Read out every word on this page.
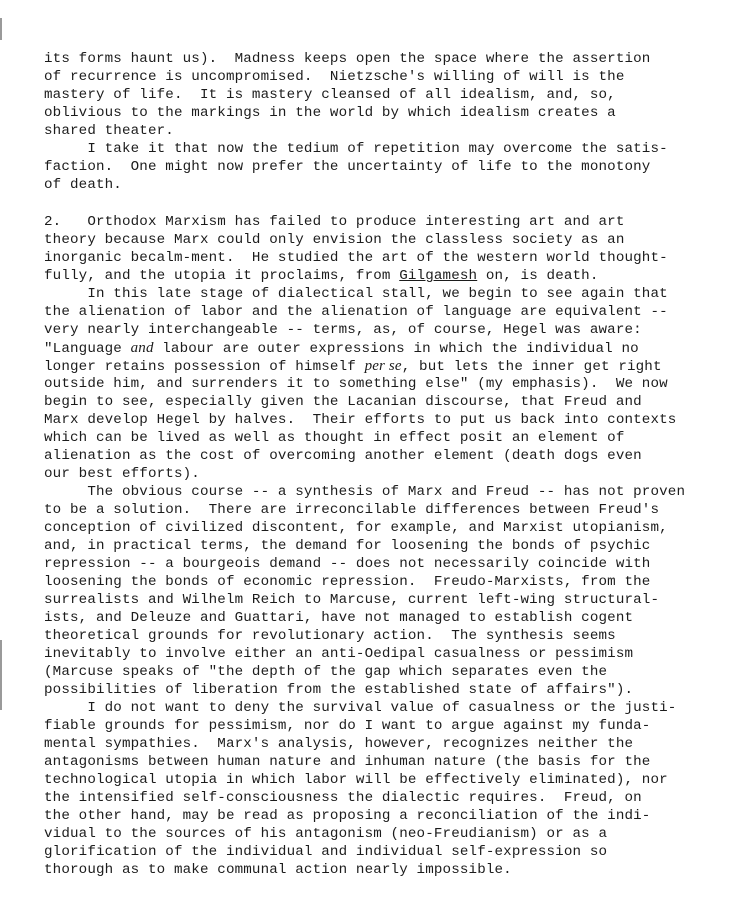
its forms haunt us).  Madness keeps open the space where the assertion
of recurrence is uncompromised.  Nietzsche's willing of will is the
mastery of life.  It is mastery cleansed of all idealism, and, so,
oblivious to the markings in the world by which idealism creates a
shared theater.
I take it that now the tedium of repetition may overcome the satis-
faction.  One might now prefer the uncertainty of life to the monotony
of death.
2.   Orthodox Marxism has failed to produce interesting art and art
theory because Marx could only envision the classless society as an
inorganic becalm-ment.  He studied the art of the western world thought-
fully, and the utopia it proclaims, from Gilgamesh on, is death.
In this late stage of dialectical stall, we begin to see again that
the alienation of labor and the alienation of language are equivalent --
very nearly interchangeable -- terms, as, of course, Hegel was aware:
"Language and labour are outer expressions in which the individual no
longer retains possession of himself per se, but lets the inner get right
outside him, and surrenders it to something else" (my emphasis).  We now
begin to see, especially given the Lacanian discourse, that Freud and
Marx develop Hegel by halves.  Their efforts to put us back into contexts
which can be lived as well as thought in effect posit an element of
alienation as the cost of overcoming another element (death dogs even
our best efforts).
The obvious course -- a synthesis of Marx and Freud -- has not proven
to be a solution.  There are irreconcilable differences between Freud's
conception of civilized discontent, for example, and Marxist utopianism,
and, in practical terms, the demand for loosening the bonds of psychic
repression -- a bourgeois demand -- does not necessarily coincide with
loosening the bonds of economic repression.  Freudo-Marxists, from the
surrealists and Wilhelm Reich to Marcuse, current left-wing structural-
ists, and Deleuze and Guattari, have not managed to establish cogent
theoretical grounds for revolutionary action.  The synthesis seems
inevitably to involve either an anti-Oedipal casualness or pessimism
(Marcuse speaks of "the depth of the gap which separates even the
possibilities of liberation from the established state of affairs").
I do not want to deny the survival value of casualness or the justi-
fiable grounds for pessimism, nor do I want to argue against my funda-
mental sympathies.  Marx's analysis, however, recognizes neither the
antagonisms between human nature and inhuman nature (the basis for the
technological utopia in which labor will be effectively eliminated), nor
the intensified self-consciousness the dialectic requires.  Freud, on
the other hand, may be read as proposing a reconciliation of the indi-
vidual to the sources of his antagonism (neo-Freudianism) or as a
glorification of the individual and individual self-expression so
thorough as to make communal action nearly impossible.
